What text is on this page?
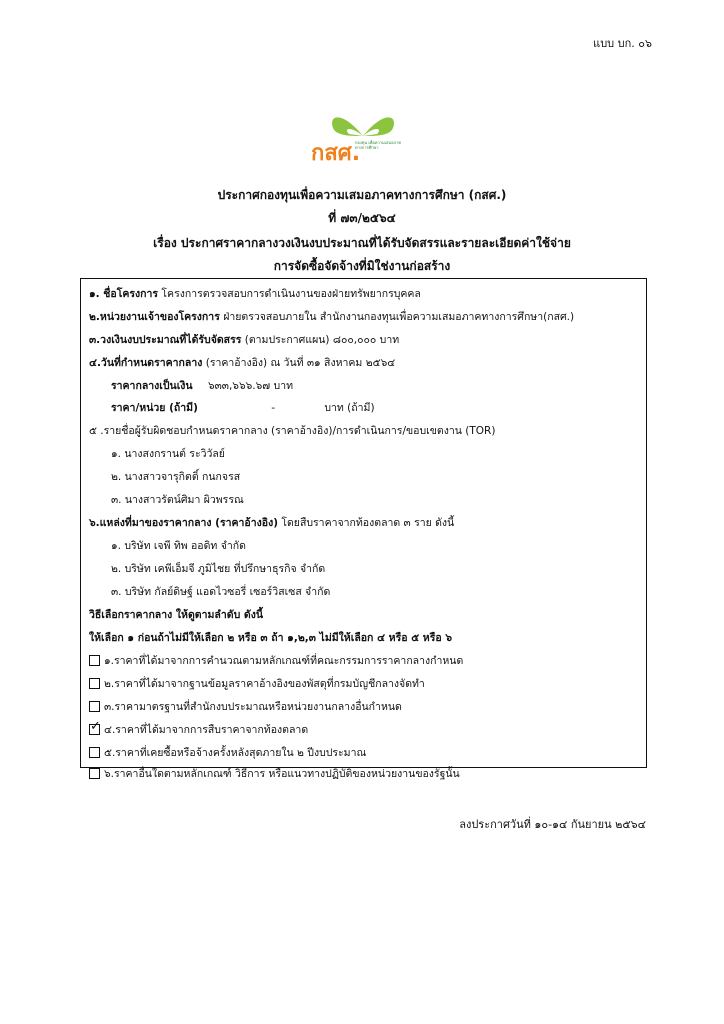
แบบ บก. ๐๖
กสศ.
กองทุน เพื่อความเสมอภาค ทางการศึกษา
ประกาศกองทุนเพื่อความเสมอภาคทางการศึกษา (กสศ.)
ที่ ๗๓/๒๕๖๔
เรื่อง ประกาศราคากลางวงเงินงบประมาณที่ได้รับจัดสรรและรายละเอียดค่าใช้จ่าย
การจัดซื้อจัดจ้างที่มิใช่งานก่อสร้าง
๑. ชื่อโครงการ โครงการตรวจสอบการดำเนินงานของฝ่ายทรัพยากรบุคคล
๒.หน่วยงานเจ้าของโครงการ ฝ่ายตรวจสอบภายใน สำนักงานกองทุนเพื่อความเสมอภาคทางการศึกษา(กสศ.)
๓.วงเงินงบประมาณที่ได้รับจัดสรร (ตามประกาศแผน) ๘๐๐,๐๐๐ บาท
๔.วันที่กำหนดราคากลาง (ราคาอ้างอิง) ณ วันที่ ๓๑ สิงหาคม ๒๕๖๔
ราคากลางเป็นเงิน ๖๓๓,๖๖๖.๖๗ บาท
ราคา/หน่วย (ถ้ามี)	-	บาท (ถ้ามี)
๕ .รายชื่อผู้รับผิดชอบกำหนดราคากลาง (ราคาอ้างอิง)/การดำเนินการ/ขอบเขตงาน (TOR)
๑. นางสงกรานต์ ระวิวัลย์
๒. นางสาวจารุกิตติ์ กนกจรส
๓. นางสาวรัตน์ศิมา ผิวพรรณ
๖.แหล่งที่มาของราคากลาง (ราคาอ้างอิง) โดยสืบราคาจากท้องตลาด ๓ ราย ดังนี้
๑. บริษัท เจพี ทิพ ออดิท จำกัด
๒. บริษัท เคพีเอ็มจี ภูมิไชย ที่ปรึกษาธุรกิจ จำกัด
๓. บริษัท กัลย์ดิษฐ์ แอดไวซอรี่ เซอร์วิสเซส จำกัด
วิธีเลือกราคากลาง ให้ดูตามลำดับ ดังนี้
ให้เลือก ๑ ก่อนถ้าไม่มีให้เลือก ๒ หรือ ๓ ถ้า ๑,๒,๓ ไม่มีให้เลือก ๔ หรือ ๕ หรือ ๖
๑.ราคาที่ได้มาจากการคำนวณตามหลักเกณฑ์ที่คณะกรรมการราคากลางกำหนด
๒.ราคาที่ได้มาจากฐานข้อมูลราคาอ้างอิงของพัสดุที่กรมบัญชีกลางจัดทำ
๓.ราคามาตรฐานที่สำนักงบประมาณหรือหน่วยงานกลางอื่นกำหนด
✓ ๔.ราคาที่ได้มาจากการสืบราคาจากท้องตลาด
๕.ราคาที่เคยซื้อหรือจ้างครั้งหลังสุดภายใน ๒ ปีงบประมาณ
๖.ราคาอื่นใดตามหลักเกณฑ์ วิธีการ หรือแนวทางปฏิบัติของหน่วยงานของรัฐนั้น
ลงประกาศวันที่ ๑๐-๑๔ กันยายน ๒๕๖๔
